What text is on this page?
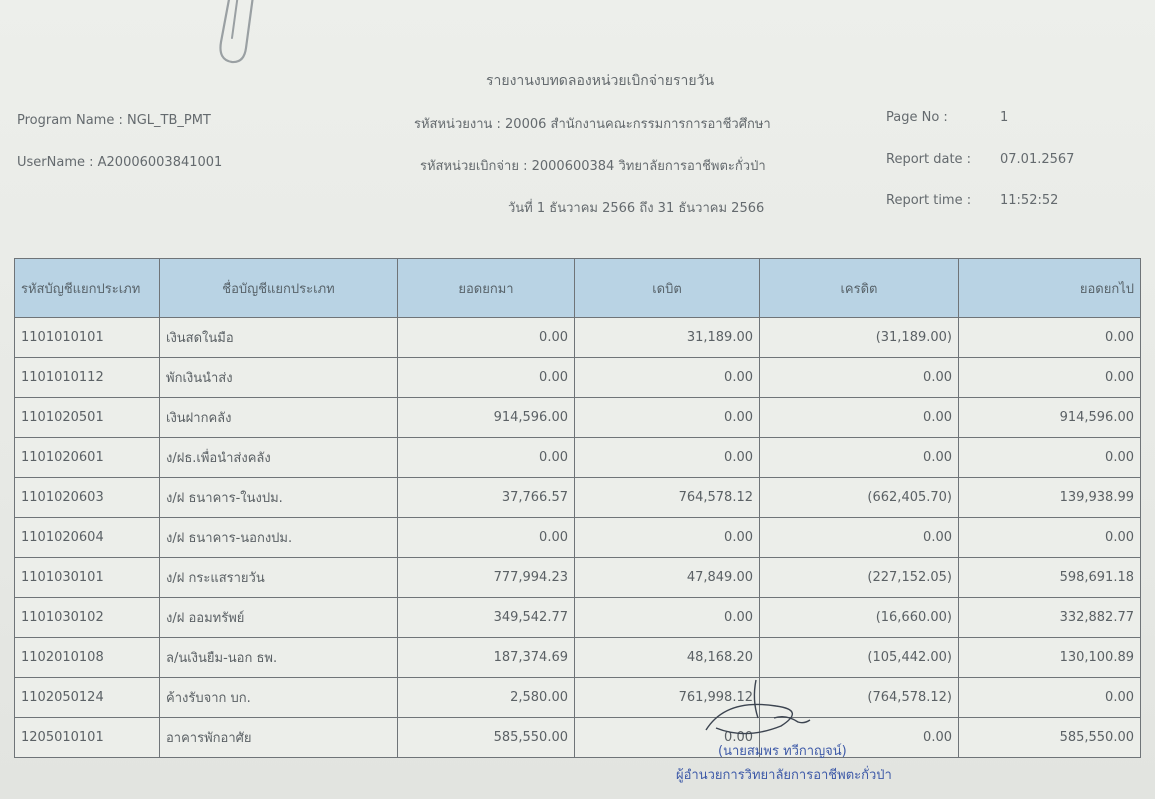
รายงานงบทดลองหน่วยเบิกจ่ายรายวัน
Program Name : NGL_TB_PMT	รหัสหน่วยงาน : 20006 สำนักงานคณะกรรมการการอาชีวศึกษา	Page No :	1
UserName : A20006003841001	รหัสหน่วยเบิกจ่าย : 2000600384 วิทยาลัยการอาชีพตะกั่วป่า	Report date : 07.01.2567
วันที่ 1 ธันวาคม 2566 ถึง 31 ธันวาคม 2566
Report time : 11:52:52
รหัสบัญชีแยกประเภท	ชื่อบัญชีแยกประเภท	ยอดยกมา	เดบิต	เครดิต	ยอดยกไป
1101010101	เงินสดในมือ	0.00	31,189.00	(31,189.00)	0.00
1101010112	พักเงินนำส่ง	0.00	0.00	0.00	0.00
1101020501	เงินฝากคลัง	914,596.00	0.00	0.00	914,596.00
1101020601	ง/ฝธ.เพื่อนำส่งคลัง	0.00	0.00	0.00	0.00
1101020603	ง/ฝ ธนาคาร-ในงปม.	37,766.57	764,578.12	(662,405.70)	139,938.99
1101020604	ง/ฝ ธนาคาร-นอกงปม.	0.00	0.00	0.00	0.00
1101030101	ง/ฝ กระแสรายวัน	777,994.23	47,849.00	(227,152.05)	598,691.18
1101030102	ง/ฝ ออมทรัพย์	349,542.77	0.00	(16,660.00)	332,882.77
1102010108	ล/นเงินยืม-นอก ธพ.	187,374.69	48,168.20	(105,442.00)	130,100.89
1102050124	ค้างรับจาก บก.	2,580.00	761,998.12	(764,578.12)	0.00
1205010101	อาคารพักอาศัย	585,550.00	0.00	0.00	585,550.00
(นายสมพร ทวีกาญจน์)
ผู้อำนวยการวิทยาลัยการอาชีพตะกั่วป่า
